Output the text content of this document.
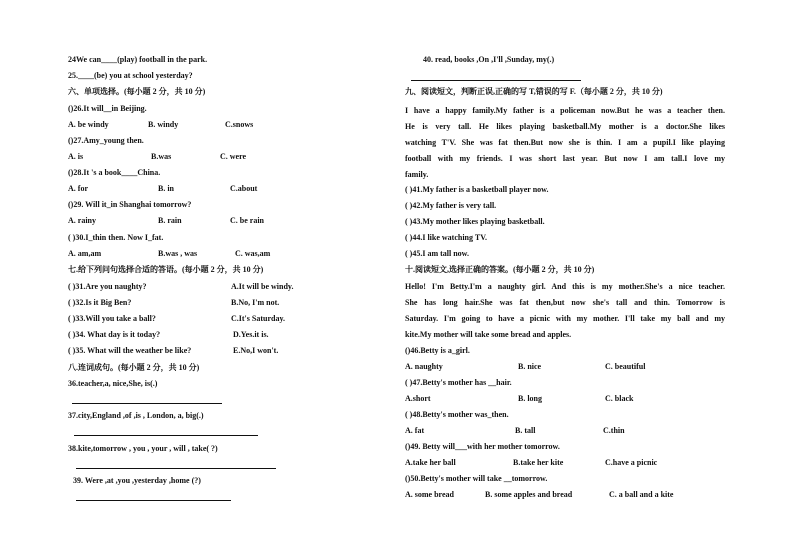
24We can____(play) football in the park.
25.____(be) you at school yesterday?
六、单项选择。(每小题 2 分，共 10 分)
()26.It will__in Beijing.
A. be windy	B. windy	C.snows
()27.Amy_young then.
A. is	B.was	C. were
()28.It 's a book____China.
A. for	B. in	C.about
()29. Will it_in Shanghai tomorrow?
A. rainy	B. rain	C. be rain
( )30.I_thin then. Now I_fat.
A. am,am	B.was , was	C. was,am
七.给下列问句选择合适的答语。(每小题 2 分，共 10 分)
( )31.Are you naughty?	A.It will be windy.
( )32.Is it Big Ben?	B.No, I'm not.
( )33.Will you take a ball?	C.It's Saturday.
( )34. What day is it today?	D.Yes.it is.
( )35. What will the weather be like?	E.No,I won't.
八.连词成句。(每小题 2 分，共 10 分)
36.teacher,a, nice,She, is(.)
37.city,England ,of ,is , London, a, big(.)
38.kite,tomorrow , you , your , will , take( ?)
39. Were ,at ,you ,yesterday ,home (?)
40. read, books ,On ,I'll ,Sunday, my(.)
九、阅读短文，判断正误,正确的写 T,错误的写 F.（每小题 2 分，共 10 分)
I have a happy family.My father is a policeman now.But he was a teacher then.
He is very tall. He likes playing basketball.My mother is a doctor.She likes
watching T'V. She was fat then.But now she is thin. I am a pupil.I like playing
football with my friends. I was short last year. But now I am tall.I love my
family.
( )41.My father is a basketball player now.
( )42.My father is very tall.
( )43.My mother likes playing basketball.
( )44.I like watching TV.
( )45.I am tall now.
十.阅读短文,选择正确的答案。(每小题 2 分，共 10 分)
Hello! I'm Betty.I'm a naughty girl. And this is my mother.She's a nice teacher.
She has long hair.She was fat then,but now she's tall and thin. Tomorrow is
Saturday. I'm going to have a picnic with my mother. I'll take my ball and my
kite.My mother will take some bread and apples.
()46.Betty is a_girl.
A. naughty	B. nice	C. beautiful
( )47.Betty's mother has __hair.
A.short	B. long	C. black
( )48.Betty's mother was_then.
A. fat	B. tall	C.thin
()49. Betty will___with her mother tomorrow.
A.take her ball	B.take her kite	C.have a picnic
()50.Betty's mother will take __tomorrow.
A. some bread	B. some apples and bread	C. a ball and a kite
